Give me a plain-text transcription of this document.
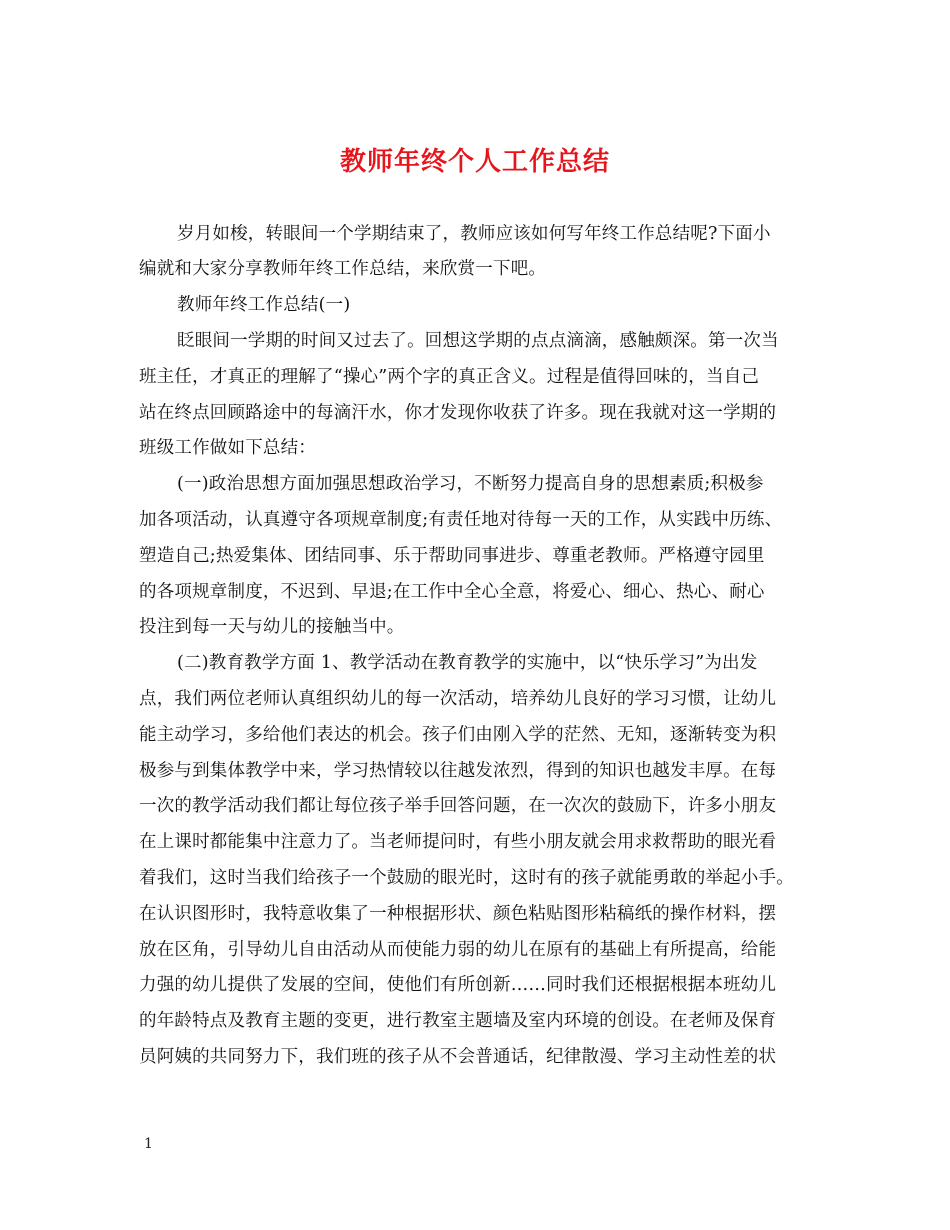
教师年终个人工作总结
岁月如梭，转眼间一个学期结束了，教师应该如何写年终工作总结呢?下面小
编就和大家分享教师年终工作总结，来欣赏一下吧。
教师年终工作总结(一)
眨眼间一学期的时间又过去了。回想这学期的点点滴滴，感触颇深。第一次当
班主任，才真正的理解了“操心”两个字的真正含义。过程是值得回味的，当自己
站在终点回顾路途中的每滴汗水，你才发现你收获了许多。现在我就对这一学期的
班级工作做如下总结：
(一)政治思想方面加强思想政治学习，不断努力提高自身的思想素质;积极参
加各项活动，认真遵守各项规章制度;有责任地对待每一天的工作，从实践中历练、
塑造自己;热爱集体、团结同事、乐于帮助同事进步、尊重老教师。严格遵守园里
的各项规章制度，不迟到、早退;在工作中全心全意，将爱心、细心、热心、耐心
投注到每一天与幼儿的接触当中。
(二)教育教学方面 1、教学活动在教育教学的实施中，以“快乐学习”为出发
点，我们两位老师认真组织幼儿的每一次活动，培养幼儿良好的学习习惯，让幼儿
能主动学习，多给他们表达的机会。孩子们由刚入学的茫然、无知，逐渐转变为积
极参与到集体教学中来，学习热情较以往越发浓烈，得到的知识也越发丰厚。在每
一次的教学活动我们都让每位孩子举手回答问题，在一次次的鼓励下，许多小朋友
在上课时都能集中注意力了。当老师提问时，有些小朋友就会用求救帮助的眼光看
着我们，这时当我们给孩子一个鼓励的眼光时，这时有的孩子就能勇敢的举起小手。
在认识图形时，我特意收集了一种根据形状、颜色粘贴图形粘稿纸的操作材料，摆
放在区角，引导幼儿自由活动从而使能力弱的幼儿在原有的基础上有所提高，给能
力强的幼儿提供了发展的空间，使他们有所创新……同时我们还根据根据本班幼儿
的年龄特点及教育主题的变更，进行教室主题墙及室内环境的创设。在老师及保育
员阿姨的共同努力下，我们班的孩子从不会普通话，纪律散漫、学习主动性差的状
1
